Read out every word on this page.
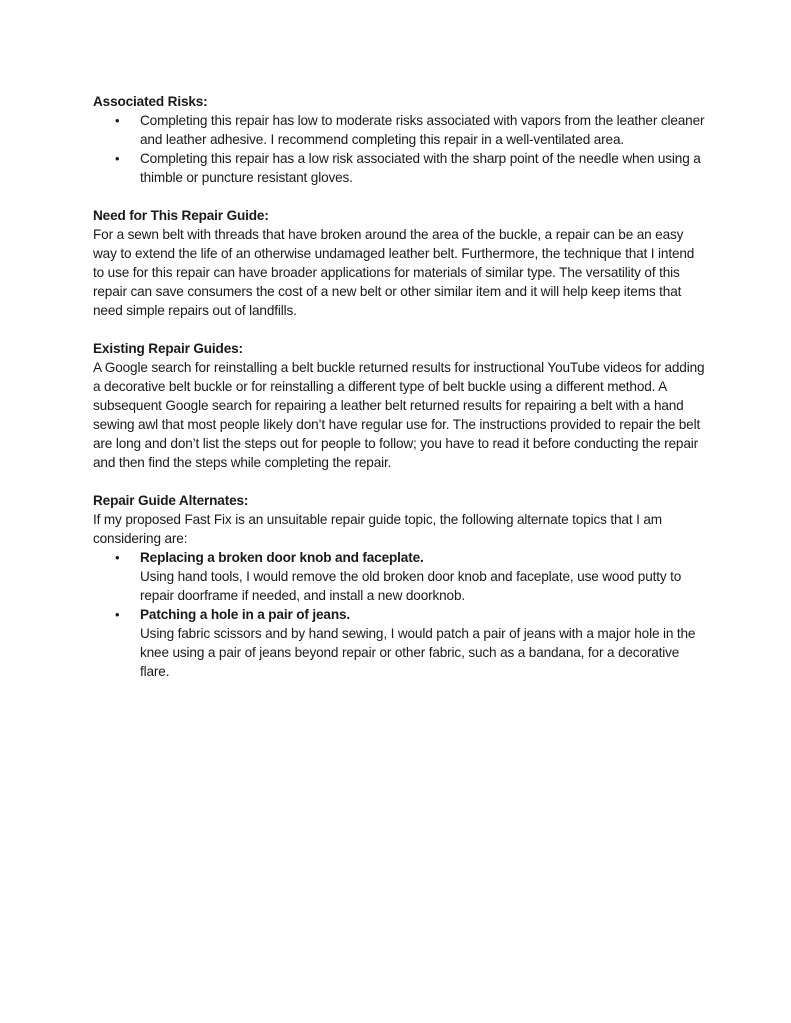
Associated Risks:

• Completing this repair has low to moderate risks associated with vapors from the leather cleaner and leather adhesive. I recommend completing this repair in a well-ventilated area.
• Completing this repair has a low risk associated with the sharp point of the needle when using a thimble or puncture resistant gloves.

Need for This Repair Guide:

For a sewn belt with threads that have broken around the area of the buckle, a repair can be an easy way to extend the life of an otherwise undamaged leather belt. Furthermore, the technique that I intend to use for this repair can have broader applications for materials of similar type. The versatility of this repair can save consumers the cost of a new belt or other similar item and it will help keep items that need simple repairs out of landfills.

Existing Repair Guides:

A Google search for reinstalling a belt buckle returned results for instructional YouTube videos for adding a decorative belt buckle or for reinstalling a different type of belt buckle using a different method. A subsequent Google search for repairing a leather belt returned results for repairing a belt with a hand sewing awl that most people likely don’t have regular use for. The instructions provided to repair the belt are long and don’t list the steps out for people to follow; you have to read it before conducting the repair and then find the steps while completing the repair.

Repair Guide Alternates:

If my proposed Fast Fix is an unsuitable repair guide topic, the following alternate topics that I am considering are:

• Replacing a broken door knob and faceplate.
Using hand tools, I would remove the old broken door knob and faceplate, use wood putty to repair doorframe if needed, and install a new doorknob.
• Patching a hole in a pair of jeans.
Using fabric scissors and by hand sewing, I would patch a pair of jeans with a major hole in the knee using a pair of jeans beyond repair or other fabric, such as a bandana, for a decorative flare.
